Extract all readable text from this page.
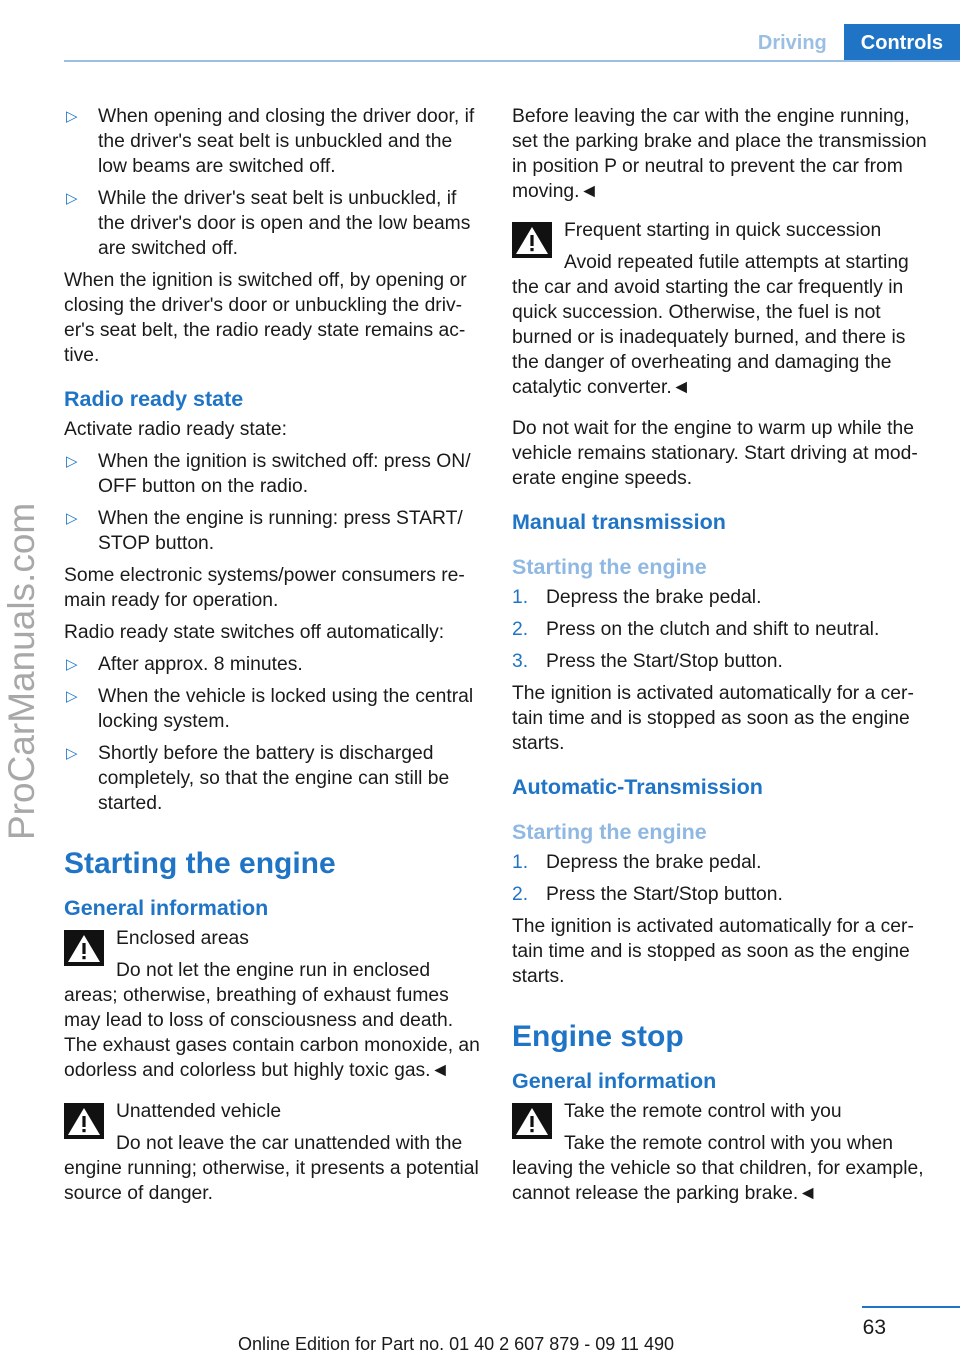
Driving	Controls
ProCarManuals.com
▷	When opening and closing the driver door, if the driver's seat belt is unbuckled and the low beams are switched off.
▷	While the driver's seat belt is unbuckled, if the driver's door is open and the low beams are switched off.

When the ignition is switched off, by opening or closing the driver's door or unbuckling the driver's seat belt, the radio ready state remains active.

Radio ready state

Activate radio ready state:

▷	When the ignition is switched off: press ON/ OFF button on the radio.
▷	When the engine is running: press START/ STOP button.

Some electronic systems/power consumers remain ready for operation.

Radio ready state switches off automatically:

▷	After approx. 8 minutes.
▷	When the vehicle is locked using the central locking system.
▷	Shortly before the battery is discharged completely, so that the engine can still be started.
Starting the engine
General information
Enclosed areas
Do not let the engine run in enclosed areas; otherwise, breathing of exhaust fumes may lead to loss of consciousness and death. The exhaust gases contain carbon monoxide, an odorless and colorless but highly toxic gas.◄
Unattended vehicle
Do not leave the car unattended with the engine running; otherwise, it presents a potential source of danger.

Before leaving the car with the engine running, set the parking brake and place the transmission in position P or neutral to prevent the car from moving.◄

Frequent starting in quick succession
Avoid repeated futile attempts at starting the car and avoid starting the car frequently in quick succession. Otherwise, the fuel is not burned or is inadequately burned, and there is the danger of overheating and damaging the catalytic converter.◄

Do not wait for the engine to warm up while the vehicle remains stationary. Start driving at moderate engine speeds.

Manual transmission
Starting the engine
1. Depress the brake pedal.
2. Press on the clutch and shift to neutral.
3. Press the Start/Stop button.

The ignition is activated automatically for a certain time and is stopped as soon as the engine starts.

Automatic-Transmission
Starting the engine
1. Depress the brake pedal.
2. Press the Start/Stop button.

The ignition is activated automatically for a certain time and is stopped as soon as the engine starts.

Engine stop
General information
Take the remote control with you
Take the remote control with you when leaving the vehicle so that children, for example, cannot release the parking brake.◄
63
Online Edition for Part no. 01 40 2 607 879 - 09 11 490
